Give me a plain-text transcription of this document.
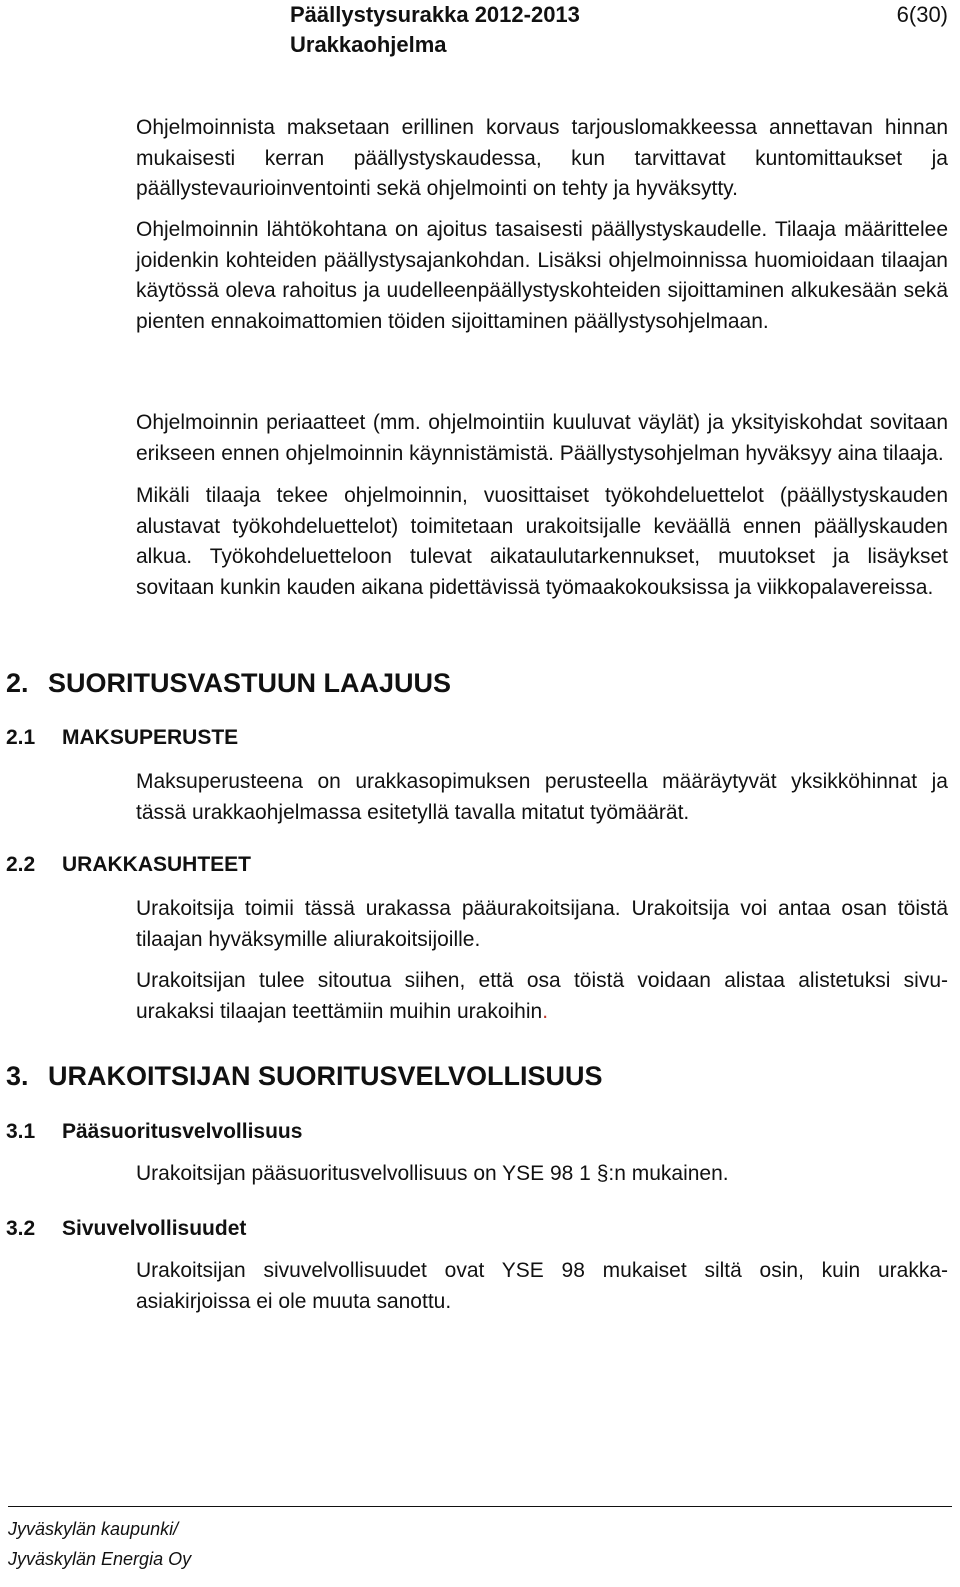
Päällystysurakka 2012-2013
Urakkaohjelma
6(30)

Ohjelmoinnista maksetaan erillinen korvaus tarjouslomakkeessa annettavan hinnan mukaisesti kerran päällystyskaudessa, kun tarvittavat kuntomittaukset ja päällystevaurioinventointi sekä ohjelmointi on tehty ja hyväksytty.

Ohjelmoinnin lähtökohtana on ajoitus tasaisesti päällystyskaudelle. Tilaaja määrittelee joidenkin kohteiden päällystysajankohdan. Lisäksi ohjelmoinnissa huomioidaan tilaajan käytössä oleva rahoitus ja uudelleenpäällystyskohteiden sijoittaminen alkukesään sekä pienten ennakoimattomien töiden sijoittaminen päällystysohjelmaan.

Ohjelmoinnin periaatteet (mm. ohjelmointiin kuuluvat väylät) ja yksityiskohdat sovitaan erikseen ennen ohjelmoinnin käynnistämistä. Päällystysohjelman hyväksyy aina tilaaja.

Mikäli tilaaja tekee ohjelmoinnin, vuosittaiset työkohdeluettelot (päällystyskauden alustavat työkohdeluettelot) toimitetaan urakoitsijalle keväällä ennen päällyskauden alkua. Työkohdeluetteloon tulevat aikataulutarkennukset, muutokset ja lisäykset sovitaan kunkin kauden aikana pidettävissä työmaakokouksissa ja viikkopalavereissa.

2. SUORITUSVASTUUN LAAJUUS
2.1 MAKSUPERUSTE

Maksuperusteena on urakkasopimuksen perusteella määräytyvät yksikköhinnat ja tässä urakkaohjelmassa esitetyllä tavalla mitatut työmäärät.

2.2 URAKKASUHTEET

Urakoitsija toimii tässä urakassa pääurakoitsijana. Urakoitsija voi antaa osan töistä tilaajan hyväksymille aliurakoitsijoille.

Urakoitsijan tulee sitoutua siihen, että osa töistä voidaan alistaa alistetuksi sivu-urakaksi tilaajan teettämiin muihin urakoihin.

3. URAKOITSIJAN SUORITUSVELVOLLISUUS
3.1 Pääsuoritusvelvollisuus

Urakoitsijan pääsuoritusvelvollisuus on YSE 98 1 §:n mukainen.

3.2 Sivuvelvollisuudet

Urakoitsijan sivuvelvollisuudet ovat YSE 98 mukaiset siltä osin, kuin urakka-asiakirjoissa ei ole muuta sanottu.

Jyväskylän kaupunki/
Jyväskylän Energia Oy
